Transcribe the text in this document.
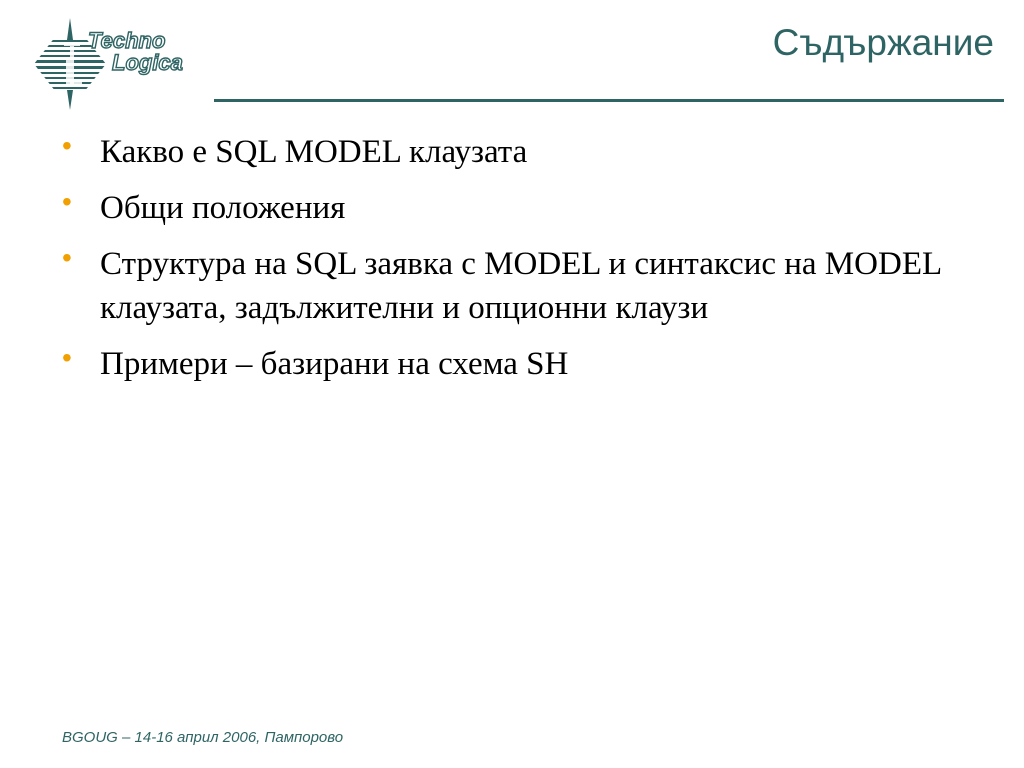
Techno
Logica	Съдържание
• Какво е SQL MODEL клаузата
• Общи положения
• Структура на SQL заявка с MODEL и синтаксис на MODEL клаузата, задължителни и опционни клаузи
• Примери – базирани на схема SH
BGOUG – 14-16 април 2006, Пампорово
